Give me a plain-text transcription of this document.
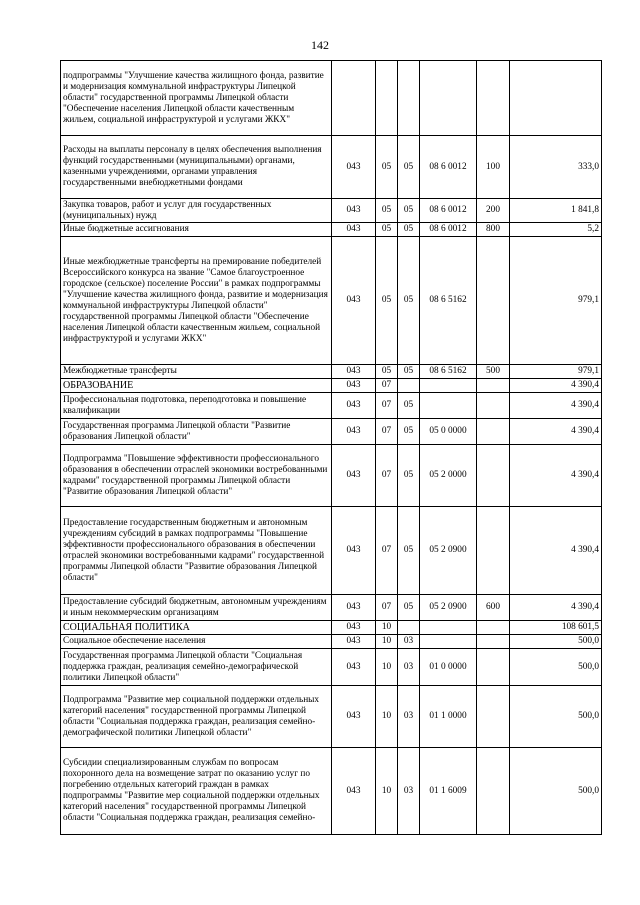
142
подпрограммы "Улучшение качества жилищного фонда, развитие и модернизация коммунальной инфраструктуры Липецкой области" государственной программы Липецкой области "Обеспечение населения Липецкой области качественным жильем, социальной инфраструктурой и услугами ЖКХ"						
Расходы на выплаты персоналу в целях обеспечения выполнения функций государственными (муниципальными) органами, казенными учреждениями, органами управления государственными внебюджетными фондами	043	05	05	08 6 0012	100	333,0
Закупка товаров, работ и услуг для государственных (муниципальных) нужд	043	05	05	08 6 0012	200	1 841,8
Иные бюджетные ассигнования	043	05	05	08 6 0012	800	5,2
Иные межбюджетные трансферты на премирование победителей Всероссийского конкурса на звание "Самое благоустроенное городское (сельское) поселение России" в рамках подпрограммы "Улучшение качества жилищного фонда, развитие и модернизация коммунальной инфраструктуры Липецкой области" государственной программы Липецкой области "Обеспечение населения Липецкой области качественным жильем, социальной инфраструктурой и услугами ЖКХ"	043	05	05	08 6 5162		979,1
Межбюджетные трансферты	043	05	05	08 6 5162	500	979,1
ОБРАЗОВАНИЕ	043	07				4 390,4
Профессиональная подготовка, переподготовка и повышение квалификации	043	07	05			4 390,4
Государственная программа Липецкой области "Развитие образования Липецкой области"	043	07	05	05 0 0000		4 390,4
Подпрограмма "Повышение эффективности профессионального образования в обеспечении отраслей экономики востребованными кадрами" государственной программы Липецкой области "Развитие образования Липецкой области"	043	07	05	05 2 0000		4 390,4
Предоставление государственным бюджетным и автономным учреждениям субсидий в рамках подпрограммы "Повышение эффективности профессионального образования в обеспечении отраслей экономики востребованными кадрами" государственной программы Липецкой области "Развитие образования Липецкой области"	043	07	05	05 2 0900		4 390,4
Предоставление субсидий бюджетным, автономным учреждениям и иным некоммерческим организациям	043	07	05	05 2 0900	600	4 390,4
СОЦИАЛЬНАЯ ПОЛИТИКА	043	10				108 601,5
Социальное обеспечение населения	043	10	03			500,0
Государственная программа Липецкой области "Социальная поддержка граждан, реализация семейно-демографической политики Липецкой области"	043	10	03	01 0 0000		500,0
Подпрограмма "Развитие мер социальной поддержки отдельных категорий населения" государственной программы Липецкой области "Социальная поддержка граждан, реализация семейно-демографической политики Липецкой области"	043	10	03	01 1 0000		500,0
Субсидии специализированным службам по вопросам похоронного дела на возмещение затрат по оказанию услуг по погребению отдельных категорий граждан в рамках подпрограммы "Развитие мер социальной поддержки отдельных категорий населения" государственной программы Липецкой области "Социальная поддержка граждан, реализация семейно-	043	10	03	01 1 6009		500,0
